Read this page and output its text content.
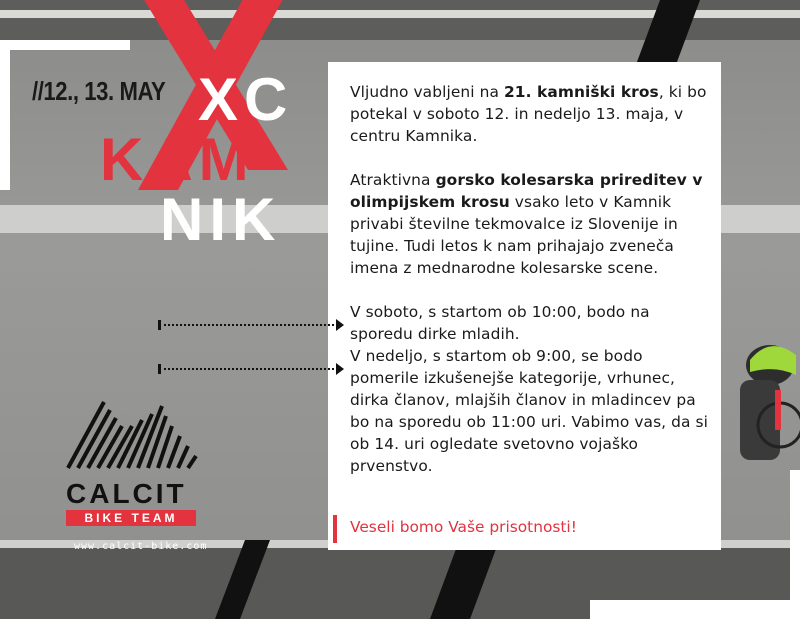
//12., 13. MAY XC
KAM
NIK

Vljudno vabljeni na 21. kamniški kros, ki bo potekal v soboto 12. in nedeljo 13. maja, v centru Kamnika.

Atraktivna gorsko kolesarska prireditev v olimpijskem krosu vsako leto v Kamnik privabi številne tekmovalce iz Slovenije in tujine. Tudi letos k nam prihajajo zveneča imena z mednarodne kolesarske scene.

V soboto, s startom ob 10:00, bodo na sporedu dirke mladih.

V nedeljo, s startom ob 9:00, se bodo pomerile izkušenejše kategorije, vrhunec, dirka članov, mlajših članov in mladincev pa bo na sporedu ob 11:00 uri. Vabimo vas, da si ob 14. uri ogledate svetovno vojaško prvenstvo.

Veseli bomo Vaše prisotnosti!
CALCIT
BIKE TEAM
www.calcit-bike.com
